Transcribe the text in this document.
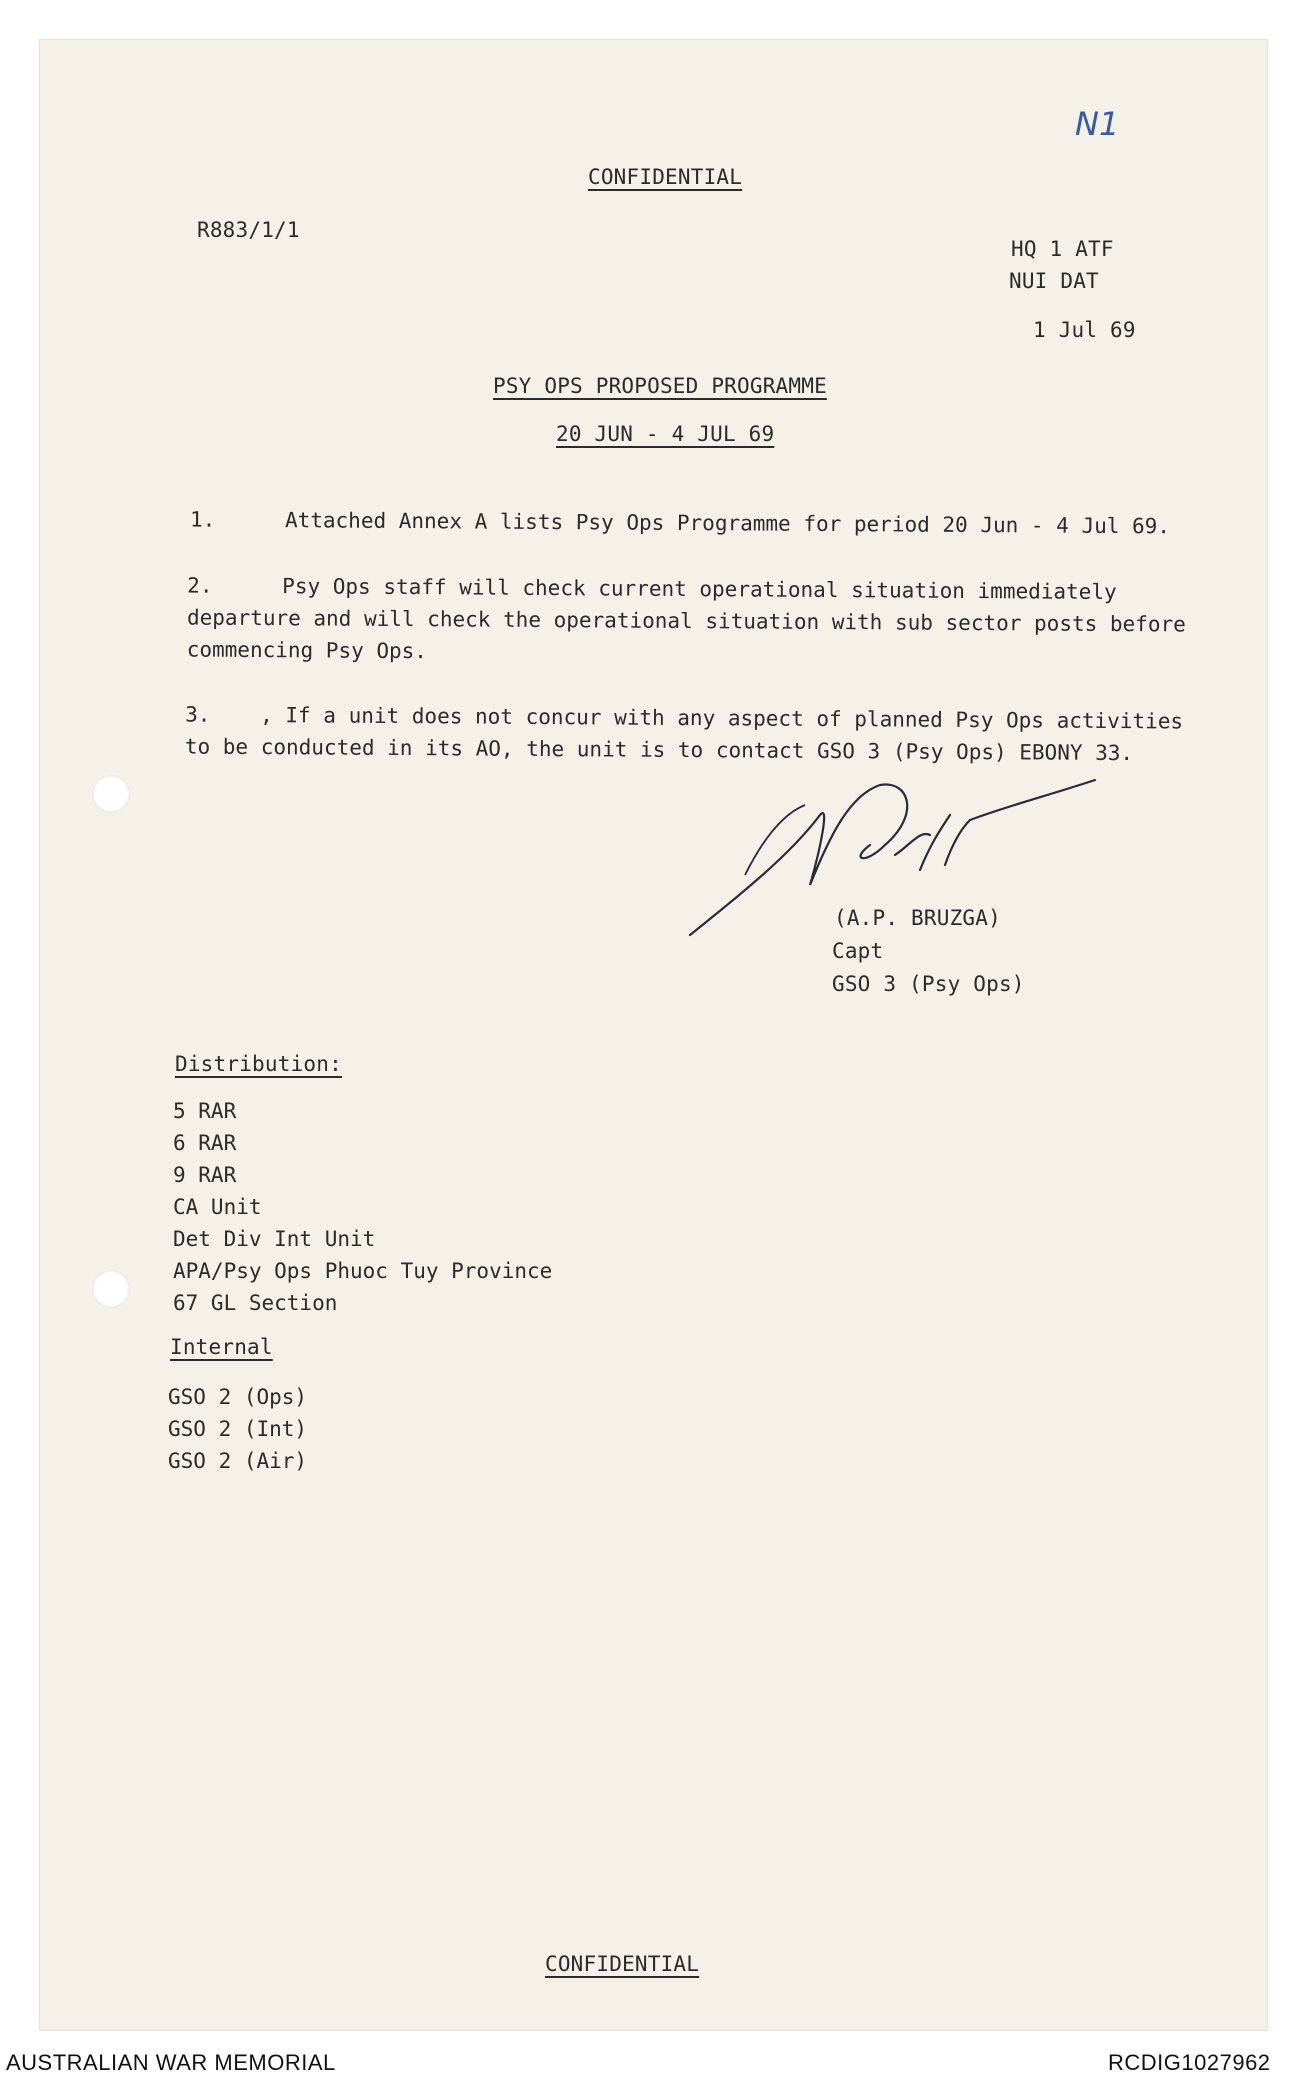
N1
CONFIDENTIAL
R883/1/1
HQ 1 ATF
NUI DAT
1 Jul 69
PSY OPS PROPOSED PROGRAMME
20 JUN - 4 JUL 69
1.	Attached Annex A lists Psy Ops Programme for period 20 Jun - 4 Jul 69.
2.	Psy Ops staff will check current operational situation immediately departure and will check the operational situation with sub sector posts before commencing Psy Ops.
3. , If a unit does not concur with any aspect of planned Psy Ops activities to be conducted in its AO, the unit is to contact GSO 3 (Psy Ops) EBONY 33.
(A.P. BRUZGA)
Capt
GSO 3 (Psy Ops)
Distribution:
5 RAR
6 RAR
9 RAR
CA Unit
Det Div Int Unit
APA/Psy Ops Phuoc Tuy Province
67 GL Section
Internal
GSO 2 (Ops)
GSO 2 (Int)
GSO 2 (Air)
CONFIDENTIAL
AUSTRALIAN WAR MEMORIAL	RCDIG1027962
